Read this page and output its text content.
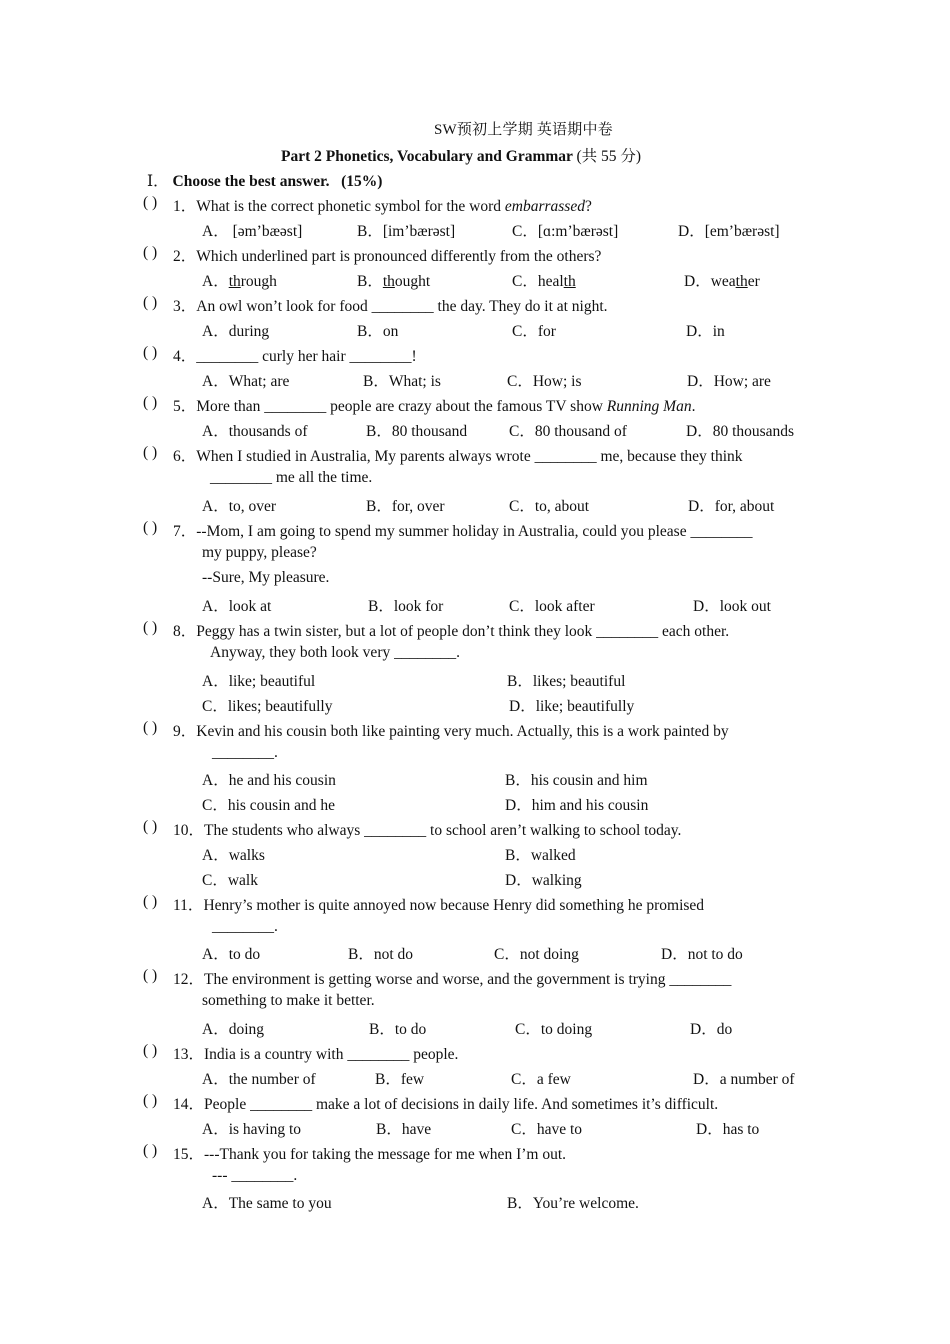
SW预初上学期 英语期中卷
Part 2 Phonetics, Vocabulary and Grammar (共 55 分)
Ⅰ． Choose the best answer. (15%)
( ) 1．What is the correct phonetic symbol for the word embarrassed?
A． [əm’bæəst]	B．[im’bærəst]	C．[ɑ:m’bærəst]	D．[em’bærəst]
( ) 2．Which underlined part is pronounced differently from the others?
A．through	B．thought	C．health	D．weather
( ) 3．An owl won’t look for food ________ the day. They do it at night.
A．during	B．on	C．for	D．in
( ) 4．________ curly her hair ________!
A．What; are	B．What; is	C．How; is	D．How; are
( ) 5．More than ________ people are crazy about the famous TV show Running Man.
A．thousands of	B．80 thousand	C．80 thousand of	D．80 thousands
( ) 6．When I studied in Australia, My parents always wrote ________ me, because they think
________ me all the time.
A．to, over	B．for, over	C．to, about	D．for, about
( ) 7．--Mom, I am going to spend my summer holiday in Australia, could you please ________
my puppy, please?
--Sure, My pleasure.
A．look at	B．look for	C．look after	D．look out
( ) 8．Peggy has a twin sister, but a lot of people don’t think they look ________ each other.
Anyway, they both look very ________.
A．like; beautiful	B．likes; beautiful
C．likes; beautifully	D．like; beautifully
( ) 9．Kevin and his cousin both like painting very much. Actually, this is a work painted by
________.
A．he and his cousin	B．his cousin and him
C．his cousin and he	D．him and his cousin
( ) 10．The students who always ________ to school aren’t walking to school today.
A．walks	B．walked
C．walk	D．walking
( ) 11．Henry’s mother is quite annoyed now because Henry did something he promised
________.
A．to do	B．not do	C．not doing	D．not to do
( ) 12．The environment is getting worse and worse, and the government is trying ________
something to make it better.
A．doing	B．to do	C．to doing	D．do
( ) 13．India is a country with ________ people.
A．the number of	B．few	C．a few	D．a number of
( ) 14．People ________ make a lot of decisions in daily life. And sometimes it’s difficult.
A．is having to	B．have	C．have to	D．has to
( ) 15．---Thank you for taking the message for me when I’m out.
--- ________.
A．The same to you	B．You’re welcome.
